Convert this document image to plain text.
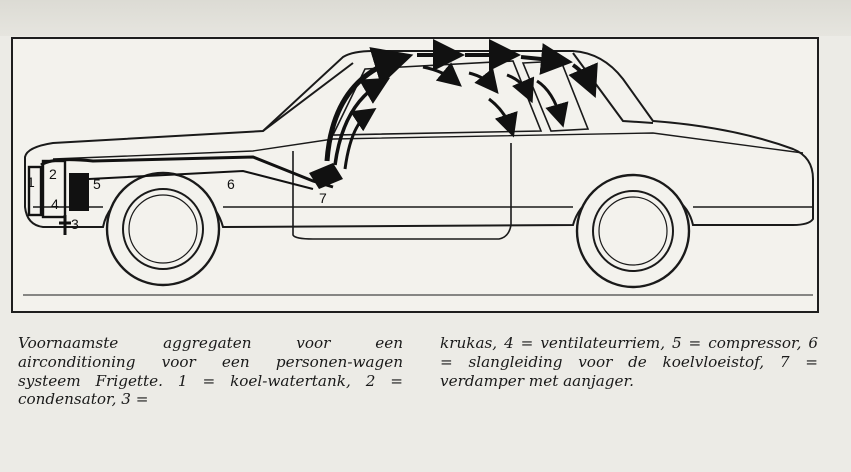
1 2
3
4
5	6
7

Voornaamste aggregaten voor een airconditioning voor een personen-wagen systeem Frigette. 1 = koel-watertank, 2 = condensator, 3 =

krukas, 4 = ventilateurriem, 5 = compressor, 6 = slangleiding voor de koelvloeistof, 7 = verdamper met aanjager.
